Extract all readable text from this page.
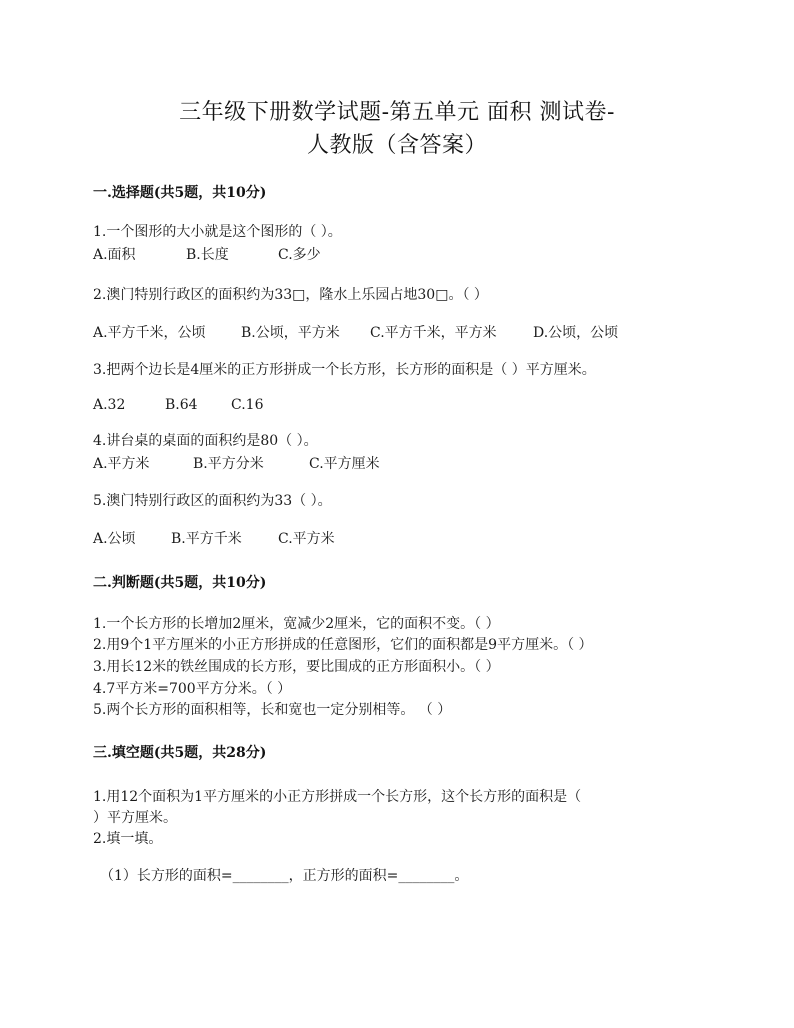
三年级下册数学试题-第五单元 面积 测试卷-
人教版（含答案）
一.选择题(共5题，共10分)
1.一个图形的大小就是这个图形的（ ）。
A.面积	B.长度	C.多少
2.澳门特别行政区的面积约为33□，隆水上乐园占地30□。（ ）
A.平方千米，公顷	B.公顷，平方米 C.平方千米，平方米	D.公顷，公顷
3.把两个边长是4厘米的正方形拼成一个长方形，长方形的面积是（ ）平方厘米。
A.32	B.64 C.16
4.讲台桌的桌面的面积约是80（ ）。
A.平方米	B.平方分米	C.平方厘米
5.澳门特别行政区的面积约为33（ ）。
A.公顷	B.平方千米	C.平方米
二.判断题(共5题，共10分)
1.一个长方形的长增加2厘米，宽减少2厘米，它的面积不变。（ ）
2.用9个1平方厘米的小正方形拼成的任意图形，它们的面积都是9平方厘米。（ ）
3.用长12米的铁丝围成的长方形，要比围成的正方形面积小。（ ）
4.7平方米=700平方分米。（ ）
5.两个长方形的面积相等，长和宽也一定分别相等。 （ ）
三.填空题(共5题，共28分)
1.用12个面积为1平方厘米的小正方形拼成一个长方形，这个长方形的面积是（
）平方厘米。
2.填一填。
（1）长方形的面积=________，正方形的面积=________。
